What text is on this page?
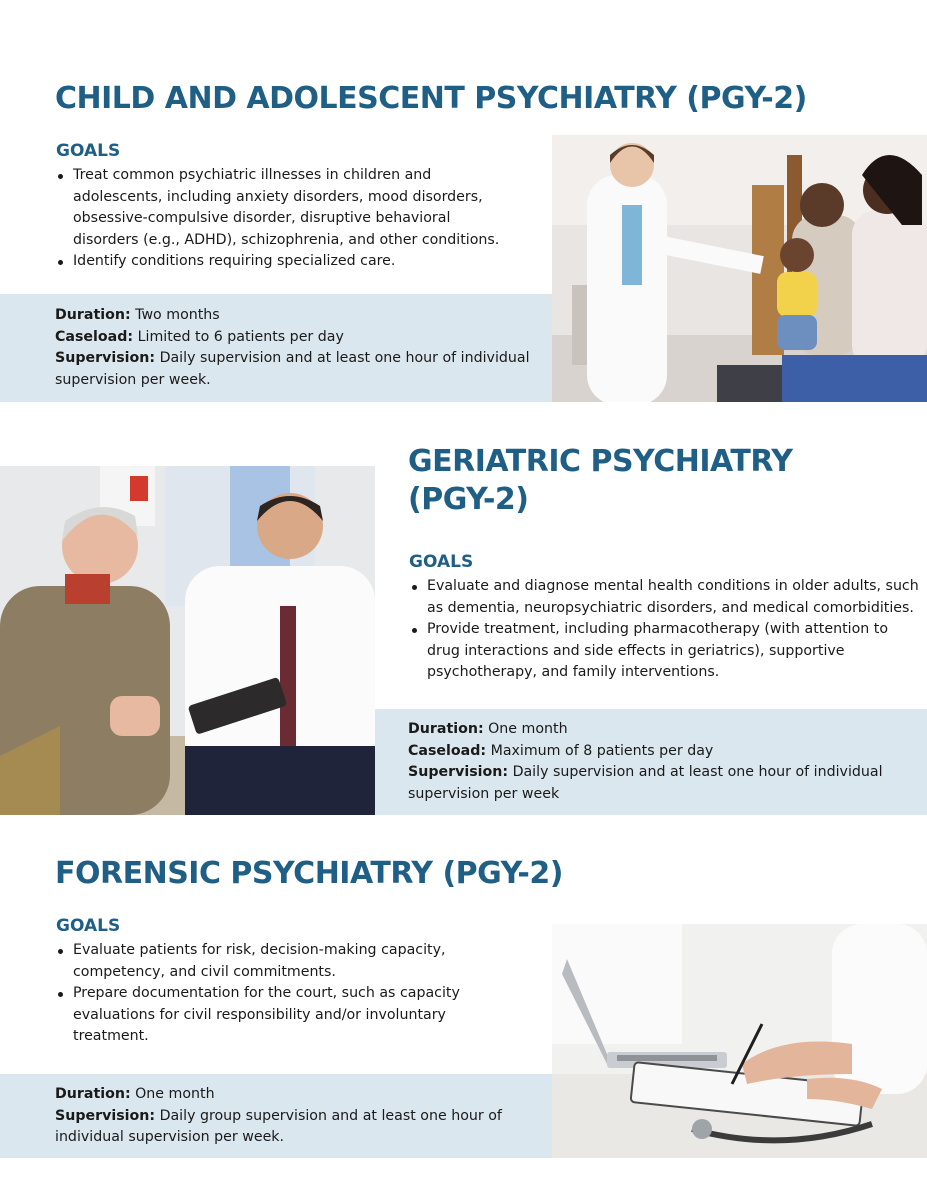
CHILD AND ADOLESCENT PSYCHIATRY (PGY-2)
GOALS
Treat common psychiatric illnesses in children and adolescents, including anxiety disorders, mood disorders, obsessive-compulsive disorder, disruptive behavioral disorders (e.g., ADHD), schizophrenia, and other conditions.
Identify conditions requiring specialized care.

Duration: Two months

Caseload: Limited to 6 patients per day

Supervision: Daily supervision and at least one hour of individual supervision per week.

GERIATRIC PSYCHIATRY (PGY-2)
GOALS
Evaluate and diagnose mental health conditions in older adults, such as dementia, neuropsychiatric disorders, and medical comorbidities.
Provide treatment, including pharmacotherapy (with attention to drug interactions and side effects in geriatrics), supportive psychotherapy, and family interventions.

Duration: One month

Caseload: Maximum of 8 patients per day

Supervision: Daily supervision and at least one hour of individual supervision per week

FORENSIC PSYCHIATRY (PGY-2)
GOALS
Evaluate patients for risk, decision-making capacity, competency, and civil commitments.
Prepare documentation for the court, such as capacity evaluations for civil responsibility and/or involuntary treatment.

Duration: One month

Supervision: Daily group supervision and at least one hour of individual supervision per week.
